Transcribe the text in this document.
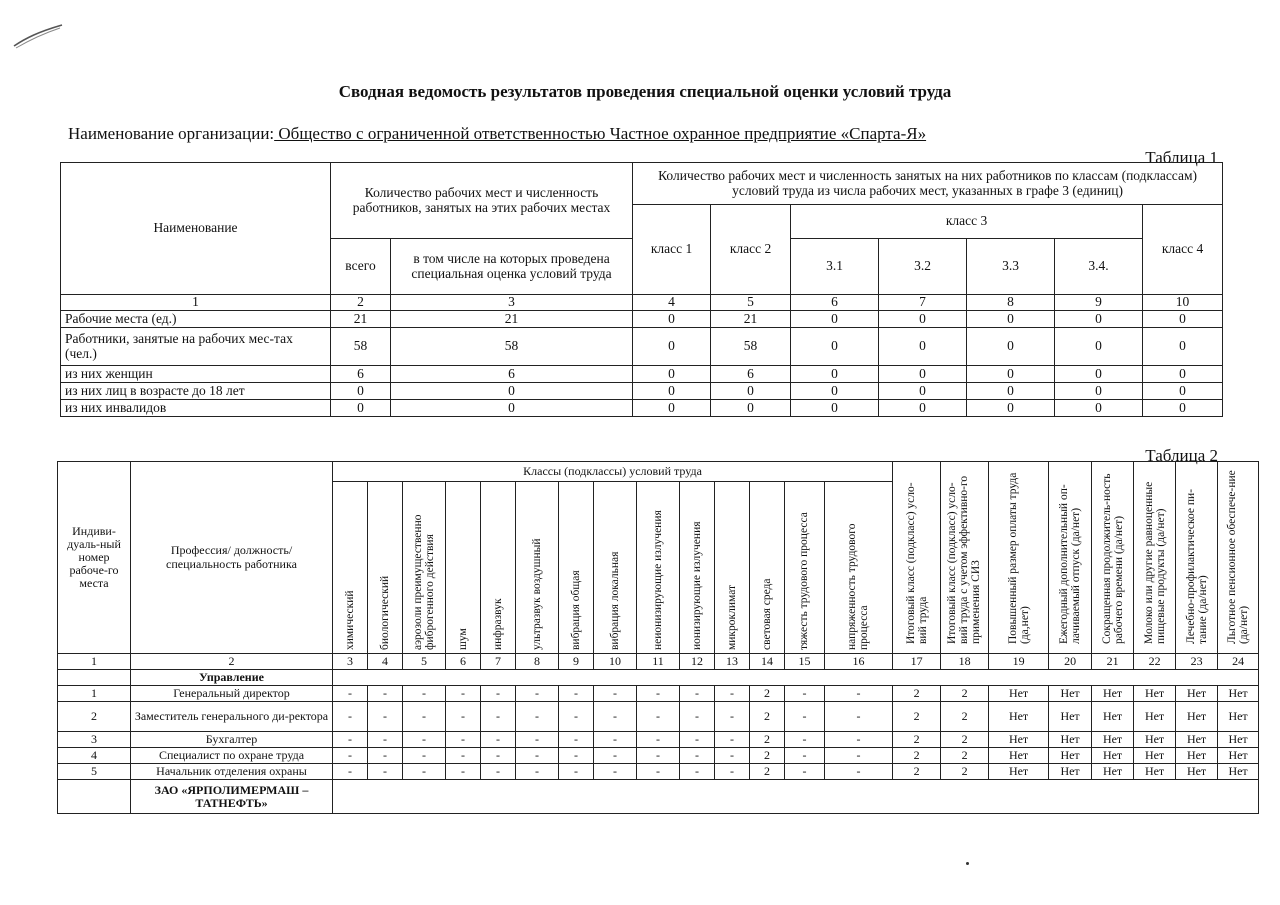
Сводная ведомость результатов проведения специальной оценки условий труда
Наименование организации: Общество с ограниченной ответственностью Частное охранное предприятие «Спарта-Я»
Таблица 1
Наименование	Количество рабочих мест и численность работников, занятых на этих рабочих местах		Количество рабочих мест и численность занятых на них работников по классам (подклассам) условий труда из числа рабочих мест, указанных в графе 3 (единиц)						
			класс 1	класс 2	класс 3				класс 4
	всего	в том числе на которых проведена специальная оценка условий труда			3.1	3.2	3.3	3.4.	
1	2	3	4	5	6	7	8	9	10
Рабочие места (ед.)	21	21	0	21	0	0	0	0	0
Работники, занятые на рабочих мес-тах (чел.)	58	58	0	58	0	0	0	0	0
из них женщин	6	6	0	6	0	0	0	0	0
из них лиц в возрасте до 18 лет	0	0	0	0	0	0	0	0	0
из них инвалидов	0	0	0	0	0	0	0	0	0
Таблица 2
Индиви-дуаль-ный номер рабоче-го места	Профессия/ должность/ специальность работника	Классы (подклассы) условий труда														Итоговый класс (подкласс) усло-вий труда	Итоговый класс (подкласс) усло-вий труда с учетом эффективно-го применения СИЗ	Повышенный размер оплаты труда (да,нет)	Ежегодный дополнительный оп-лачиваемый отпуск (да/нет)	Сокращенная продолжитель-ность рабочего времени (да/нет)	Молоко или другие равноценные пищевые продукты (да/нет)	Лечебно-профилактическое пи-тание (да/нет)	Льготное пенсионное обеспече-ние (да/нет)
		химический	биологический	аэрозоли преимущественно фиброгенного действия	шум	инфразвук	ультразвук воздушный	вибрация общая	вибрация локальная	неионизирующие излучения	ионизирующие излучения	микроклимат	световая среда	тяжесть трудового процесса	напряженность трудового процесса								
1	2	3	4	5	6	7	8	9	10	11	12	13	14	15	16	17	18	19	20	21	22	23	24
	Управление																						
1	Генеральный директор	-	-	-	-	-	-	-	-	-	-	-	2	-	-	2	2	Нет	Нет	Нет	Нет	Нет	Нет
2	Заместитель генерального ди-ректора	-	-	-	-	-	-	-	-	-	-	-	2	-	-	2	2	Нет	Нет	Нет	Нет	Нет	Нет
3	Бухгалтер	-	-	-	-	-	-	-	-	-	-	-	2	-	-	2	2	Нет	Нет	Нет	Нет	Нет	Нет
4	Специалист по охране труда	-	-	-	-	-	-	-	-	-	-	-	2	-	-	2	2	Нет	Нет	Нет	Нет	Нет	Нет
5	Начальник отделения охраны	-	-	-	-	-	-	-	-	-	-	-	2	-	-	2	2	Нет	Нет	Нет	Нет	Нет	Нет
	ЗАО «ЯРПОЛИМЕРМАШ – ТАТНЕФТЬ»																						
